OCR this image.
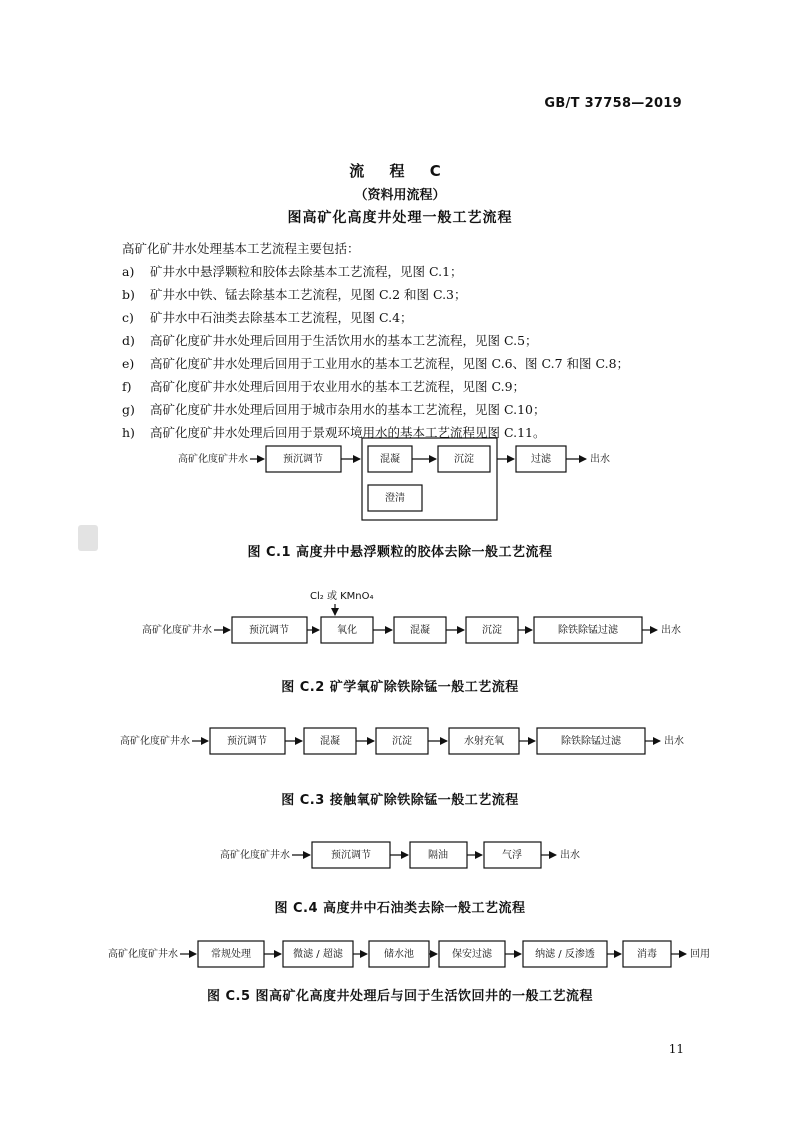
GB/T 37758—2019
流 程 C
（资料用流程）
图高矿化高度井处理一般工艺流程
高矿化矿井水处理基本工艺流程主要包括：
a) 矿井水中悬浮颗粒和胶体去除基本工艺流程，见图 C.1；
b) 矿井水中铁、锰去除基本工艺流程，见图 C.2 和图 C.3；
c) 矿井水中石油类去除基本工艺流程，见图 C.4；
d) 高矿化度矿井水处理后回用于生活饮用水的基本工艺流程，见图 C.5；
e) 高矿化度矿井水处理后回用于工业用水的基本工艺流程，见图 C.6、图 C.7 和图 C.8；
f) 高矿化度矿井水处理后回用于农业用水的基本工艺流程，见图 C.9；
g) 高矿化度矿井水处理后回用于城市杂用水的基本工艺流程，见图 C.10；
h) 高矿化度矿井水处理后回用于景观环境用水的基本工艺流程见图 C.11。
高矿化度矿井水	预沉调节	混凝	沉淀
澄清
过滤	出水
高矿化度矿井水
Cl₂ 或 KMnO₄
预沉调节	氧化	混凝	沉淀	除铁除锰过滤	出水
高矿化度矿井水	预沉调节	混凝	沉淀	水射充氧	除铁除锰过滤	出水
高矿化度矿井水	预沉调节	隔油	气浮	出水
高矿化度矿井水	常规处理	微滤 / 超滤	储水池	保安过滤	纳滤 / 反渗透	消毒	回用
图 C.1 高度井中悬浮颗粒的胶体去除一般工艺流程
图 C.2 矿学氧矿除铁除锰一般工艺流程
图 C.3 接触氧矿除铁除锰一般工艺流程
图 C.4 高度井中石油类去除一般工艺流程
图 C.5 图高矿化高度井处理后与回于生活饮回井的一般工艺流程
11
